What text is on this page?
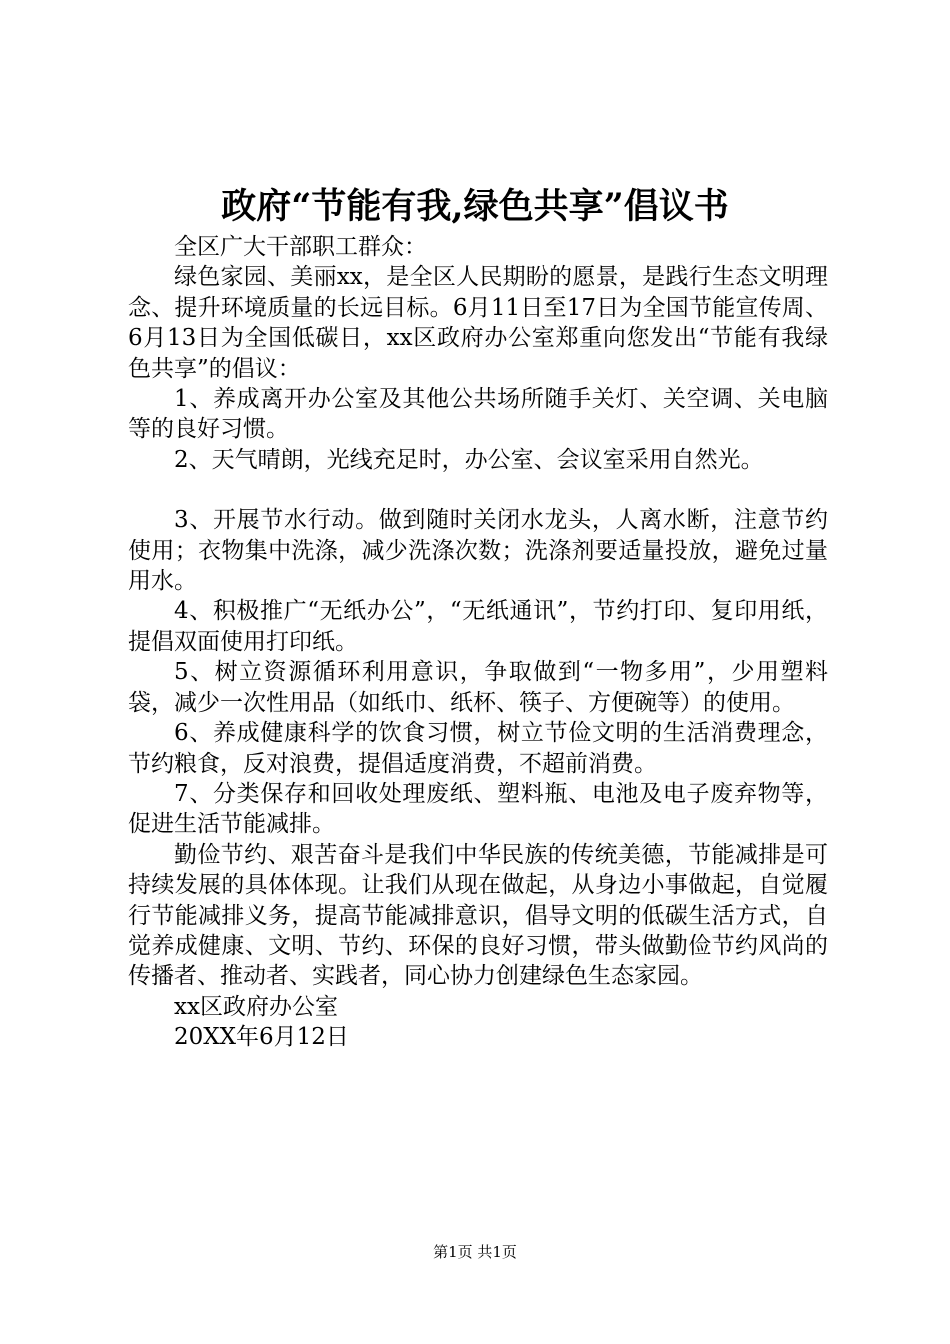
政府“节能有我,绿色共享”倡议书

全区广大干部职工群众：

绿色家园、美丽xx，是全区人民期盼的愿景，是践行生态文明理念、提升环境质量的长远目标。6月11日至17日为全国节能宣传周、6月13日为全国低碳日，xx区政府办公室郑重向您发出“节能有我绿色共享”的倡议：

1、养成离开办公室及其他公共场所随手关灯、关空调、关电脑等的良好习惯。

2、天气晴朗，光线充足时，办公室、会议室采用自然光。

3、开展节水行动。做到随时关闭水龙头，人离水断，注意节约使用；衣物集中洗涤，减少洗涤次数；洗涤剂要适量投放，避免过量用水。

4、积极推广“无纸办公”，“无纸通讯”，节约打印、复印用纸，提倡双面使用打印纸。

5、树立资源循环利用意识，争取做到“一物多用”，少用塑料袋，减少一次性用品（如纸巾、纸杯、筷子、方便碗等）的使用。

6、养成健康科学的饮食习惯，树立节俭文明的生活消费理念，节约粮食，反对浪费，提倡适度消费，不超前消费。

7、分类保存和回收处理废纸、塑料瓶、电池及电子废弃物等，促进生活节能减排。

勤俭节约、艰苦奋斗是我们中华民族的传统美德，节能减排是可持续发展的具体体现。让我们从现在做起，从身边小事做起，自觉履行节能减排义务，提高节能减排意识，倡导文明的低碳生活方式，自觉养成健康、文明、节约、环保的良好习惯，带头做勤俭节约风尚的传播者、推动者、实践者，同心协力创建绿色生态家园。

xx区政府办公室

20XX年6月12日

第1页 共1页
